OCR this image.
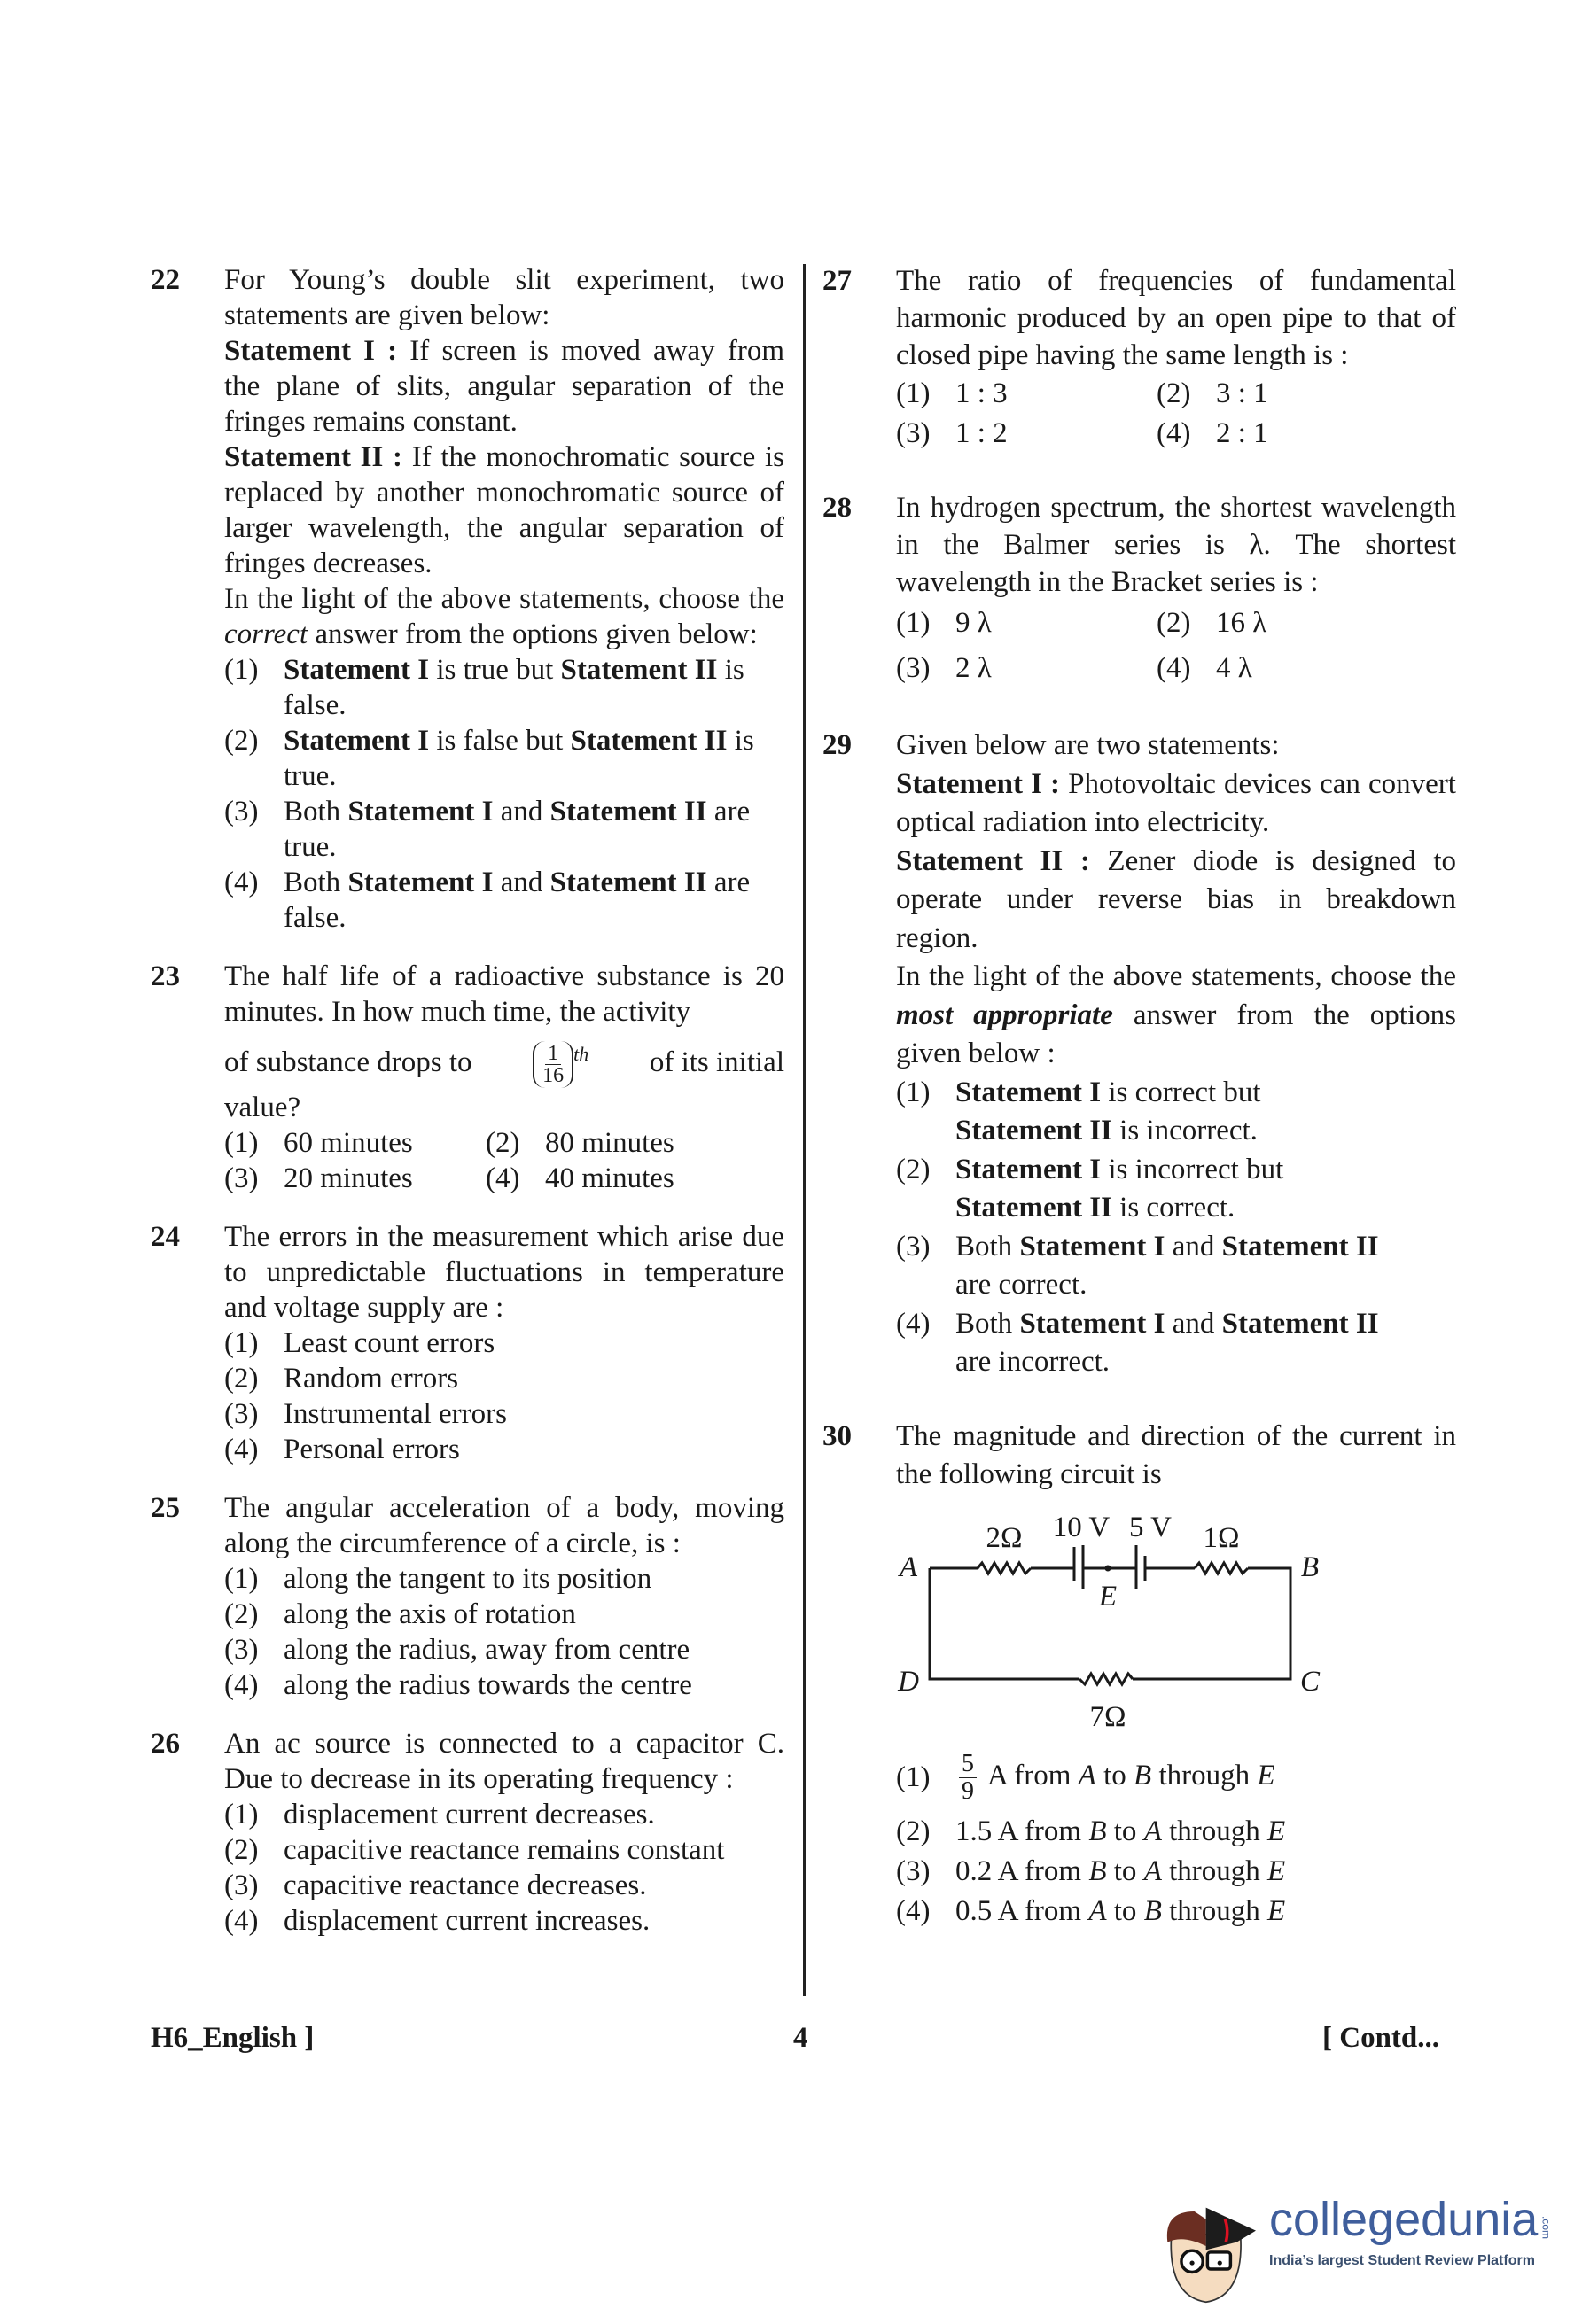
22 For Young’s double slit experiment, two statements are given below:

Statement I : If screen is moved away from the plane of slits, angular separation of the fringes remains constant.

Statement II : If the monochromatic source is replaced by another monochromatic source of larger wavelength, the angular separation of fringes decreases.

In the light of the above statements, choose the correct answer from the options given below:

(1) Statement I is true but Statement II is false.
(2) Statement I is false but Statement II is true.
(3) Both Statement I and Statement II are true.
(4) Both Statement I and Statement II are false.
23 The half life of a radioactive substance is 20 minutes. In how much time, the activity

of substance drops to	$\frac{1}{16} ^{th}$ of its initial

value?

(1) 60 minutes (2) 80 minutes
(3) 20 minutes (4) 40 minutes
24 The errors in the measurement which arise due to unpredictable fluctuations in temperature and voltage supply are :

(1) Least count errors
(2) Random errors
(3) Instrumental errors
(4) Personal errors
25 The angular acceleration of a body, moving along the circumference of a circle, is :

(1) along the tangent to its position
(2) along the axis of rotation
(3) along the radius, away from centre
(4) along the radius towards the centre
26 An ac source is connected to a capacitor C. Due to decrease in its operating frequency :

(1) displacement current decreases.
(2) capacitive reactance remains constant
(3) capacitive reactance decreases.
(4) displacement current increases.
27 The ratio of frequencies of fundamental harmonic produced by an open pipe to that of closed pipe having the same length is :

(1) 1 : 3	(2) 3 : 1
(3) 1 : 2	(4) 2 : 1
28 In hydrogen spectrum, the shortest wavelength in the Balmer series is λ. The shortest wavelength in the Bracket series is :

(1) 9 λ	(2) 16 λ
(3) 2 λ	(4) 4 λ
29 Given below are two statements:

Statement I : Photovoltaic devices can convert optical radiation into electricity.

Statement II : Zener diode is designed to operate under reverse bias in breakdown region.

In the light of the above statements, choose the most appropriate answer from the options given below :

(1) Statement I is correct but
Statement II is incorrect.
(2) Statement I is incorrect but
Statement II is correct.
(3) Both Statement I and Statement II
are correct.
(4) Both Statement I and Statement II
are incorrect.
30 The magnitude and direction of the current in the following circuit is

2Ω 10 V 5 V 1Ω
A	B
E
D	C
7Ω
(1)	$\frac{5}{9}$ A from A to B through E
(2) 1.5 A from B to A through E
(3) 0.2 A from B to A through E
(4) 0.5 A from A to B through E
H6_English ]	4	[ Contd...
collegedunia .com
India’s largest Student Review Platform
